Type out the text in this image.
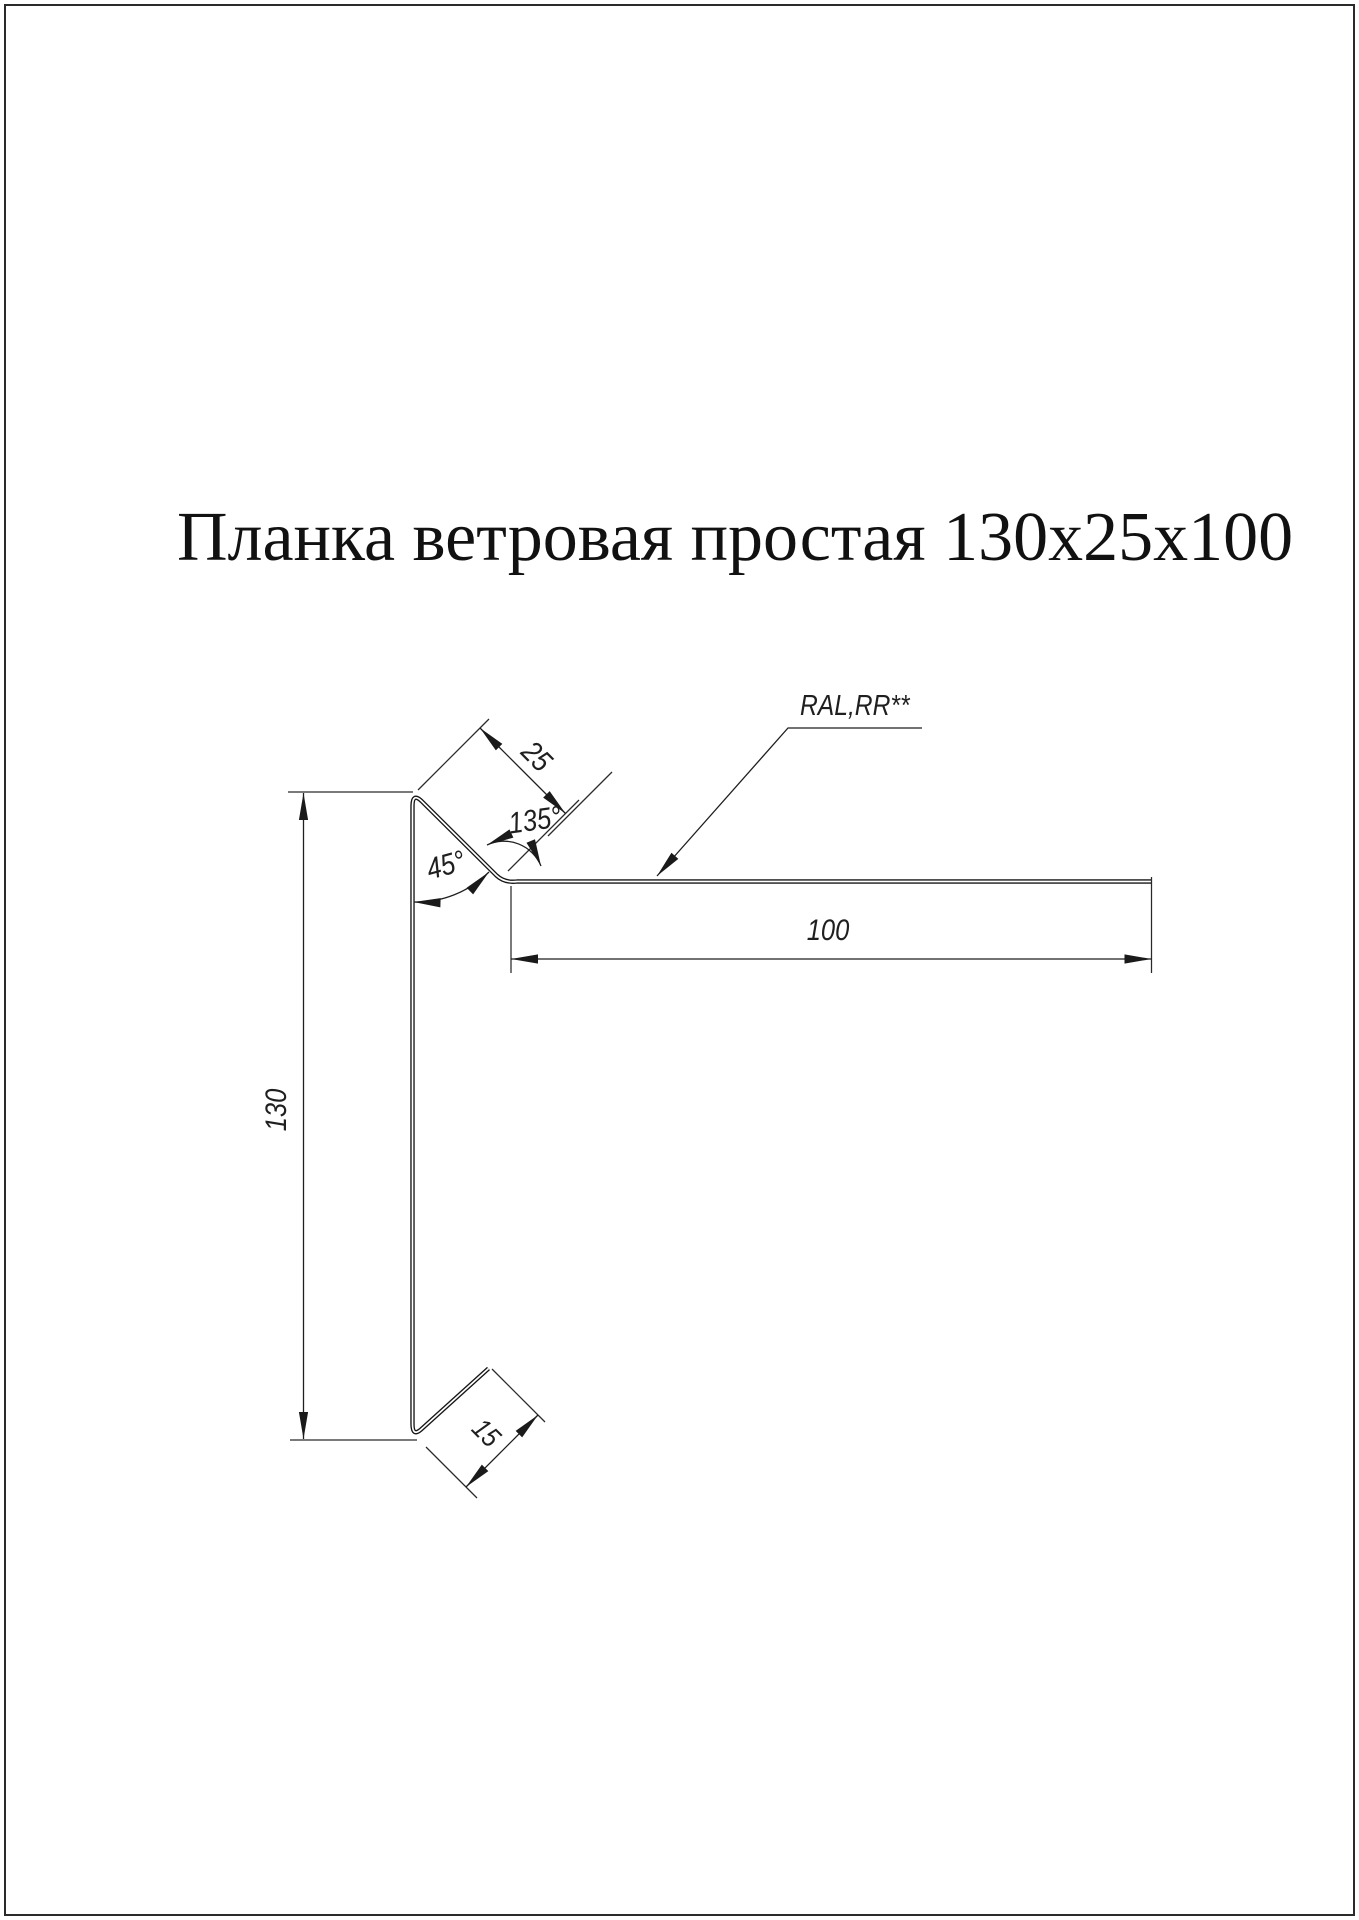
Планка ветровая простая 130x25x100
130
25
100
15
45°
135°
RAL,RR**
